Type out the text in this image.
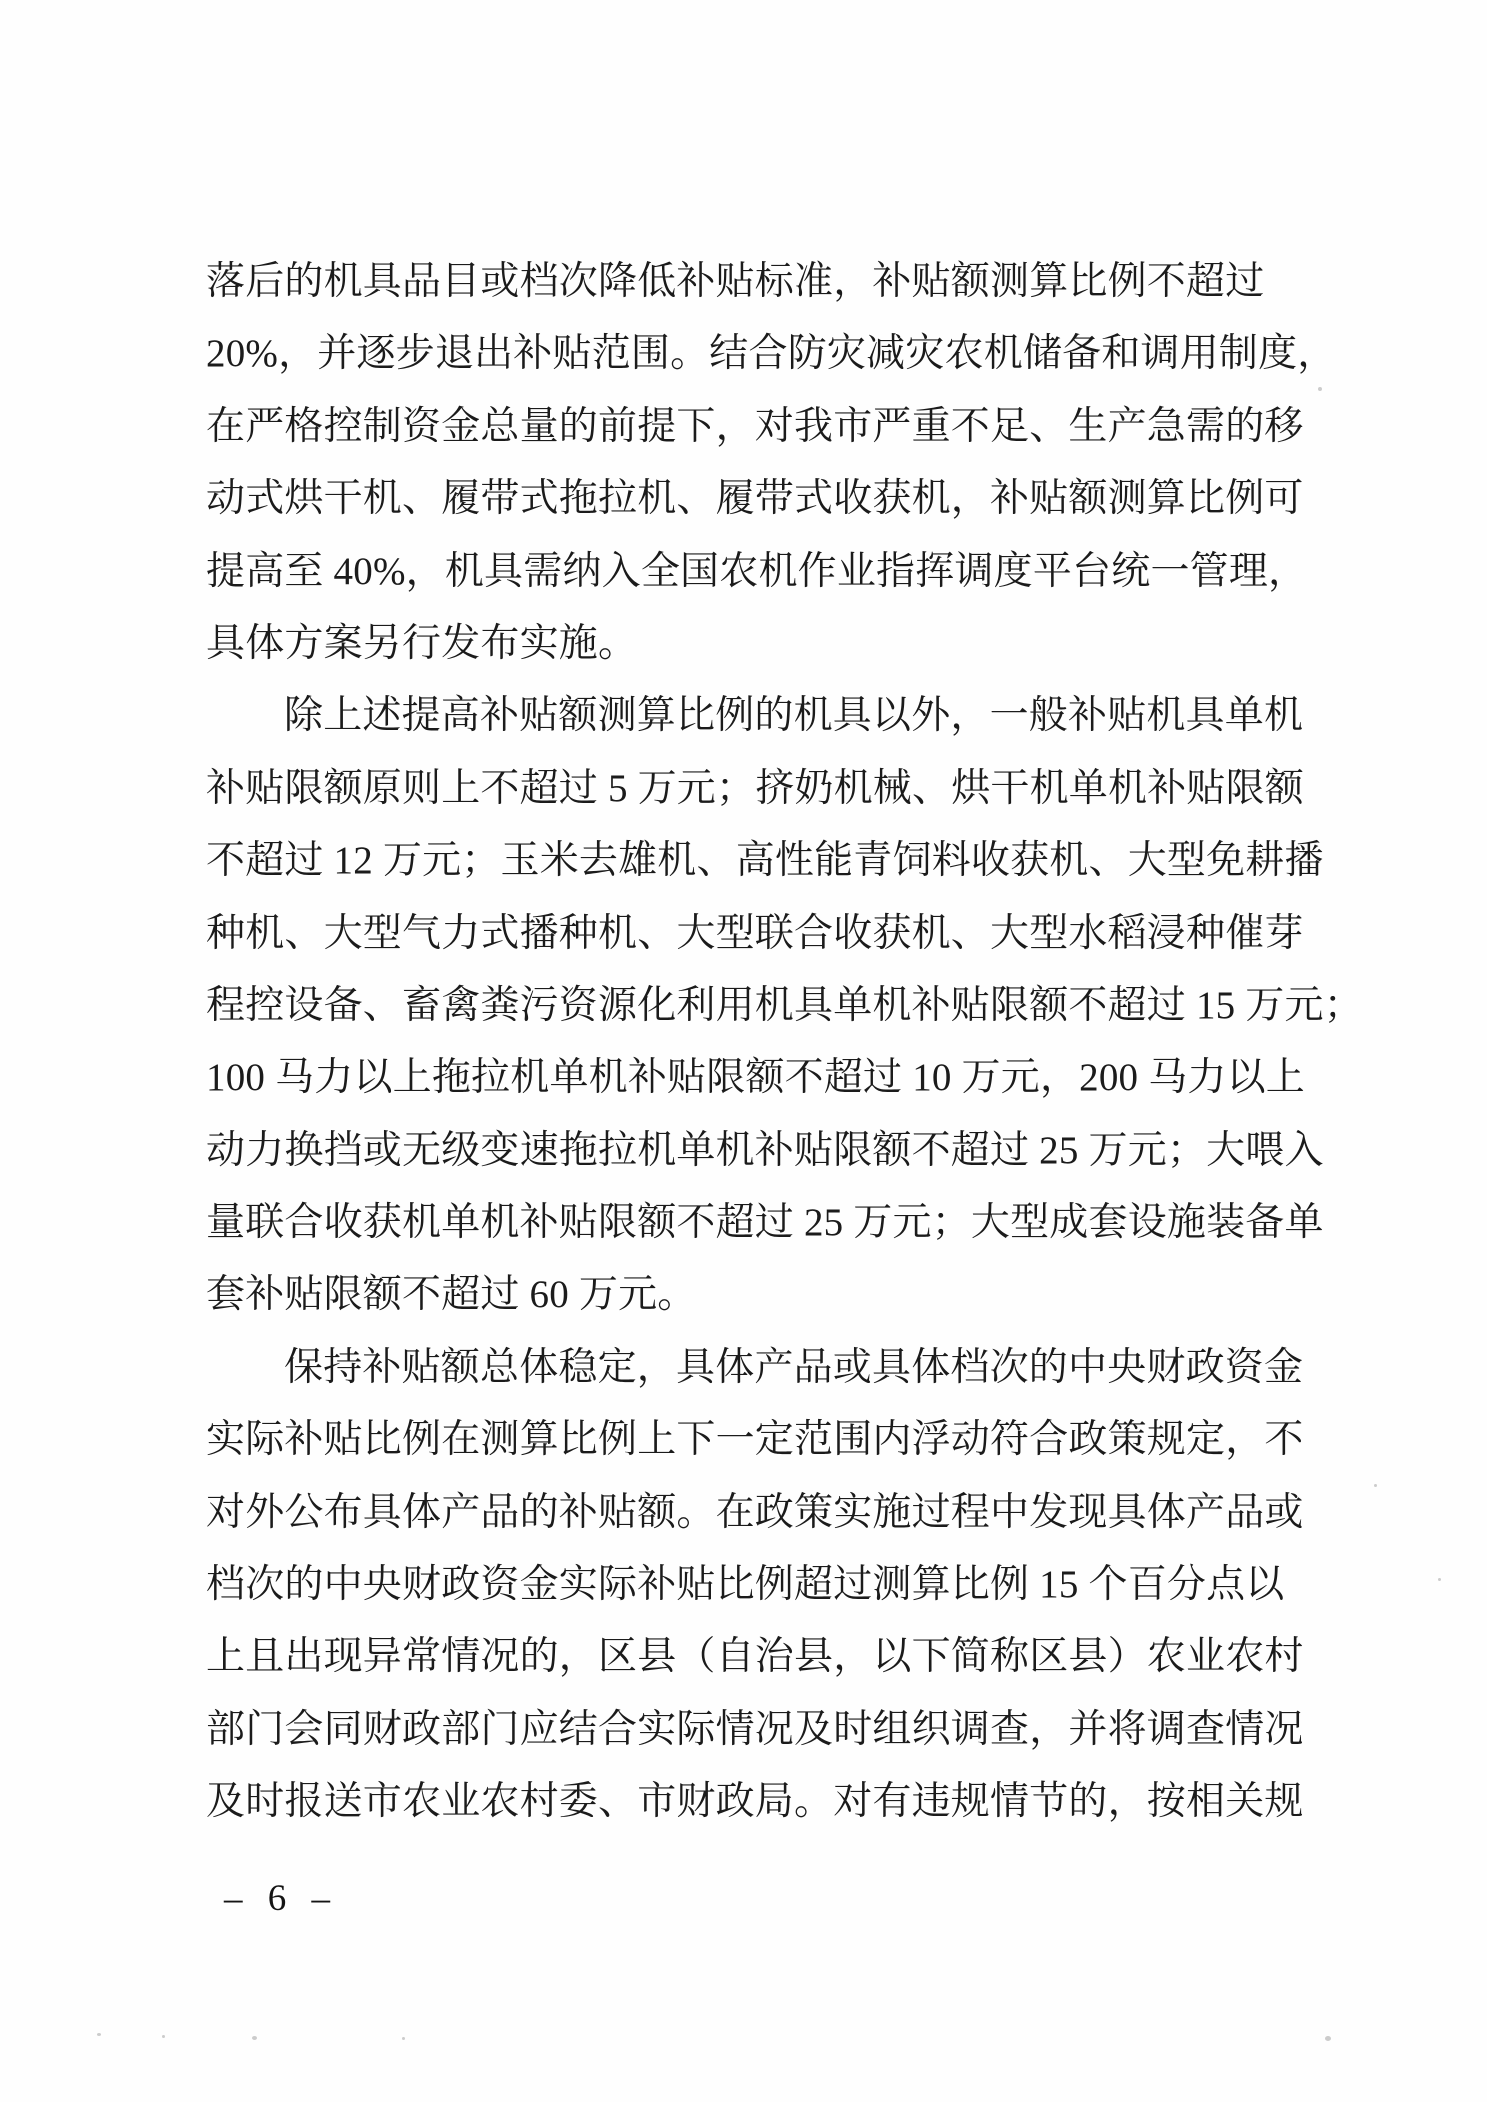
落后的机具品目或档次降低补贴标准，补贴额测算比例不超过
20%，并逐步退出补贴范围。结合防灾减灾农机储备和调用制度，
在严格控制资金总量的前提下，对我市严重不足、生产急需的移
动式烘干机、履带式拖拉机、履带式收获机，补贴额测算比例可
提高至 40%，机具需纳入全国农机作业指挥调度平台统一管理，
具体方案另行发布实施。
除上述提高补贴额测算比例的机具以外，一般补贴机具单机
补贴限额原则上不超过 5 万元；挤奶机械、烘干机单机补贴限额
不超过 12 万元；玉米去雄机、高性能青饲料收获机、大型免耕播
种机、大型气力式播种机、大型联合收获机、大型水稻浸种催芽
程控设备、畜禽粪污资源化利用机具单机补贴限额不超过 15 万元；
100 马力以上拖拉机单机补贴限额不超过 10 万元，200 马力以上
动力换挡或无级变速拖拉机单机补贴限额不超过 25 万元；大喂入
量联合收获机单机补贴限额不超过 25 万元；大型成套设施装备单
套补贴限额不超过 60 万元。
保持补贴额总体稳定，具体产品或具体档次的中央财政资金
实际补贴比例在测算比例上下一定范围内浮动符合政策规定，不
对外公布具体产品的补贴额。在政策实施过程中发现具体产品或
档次的中央财政资金实际补贴比例超过测算比例 15 个百分点以
上且出现异常情况的，区县（自治县，以下简称区县）农业农村
部门会同财政部门应结合实际情况及时组织调查，并将调查情况
及时报送市农业农村委、市财政局。对有违规情节的，按相关规
– 6 –
